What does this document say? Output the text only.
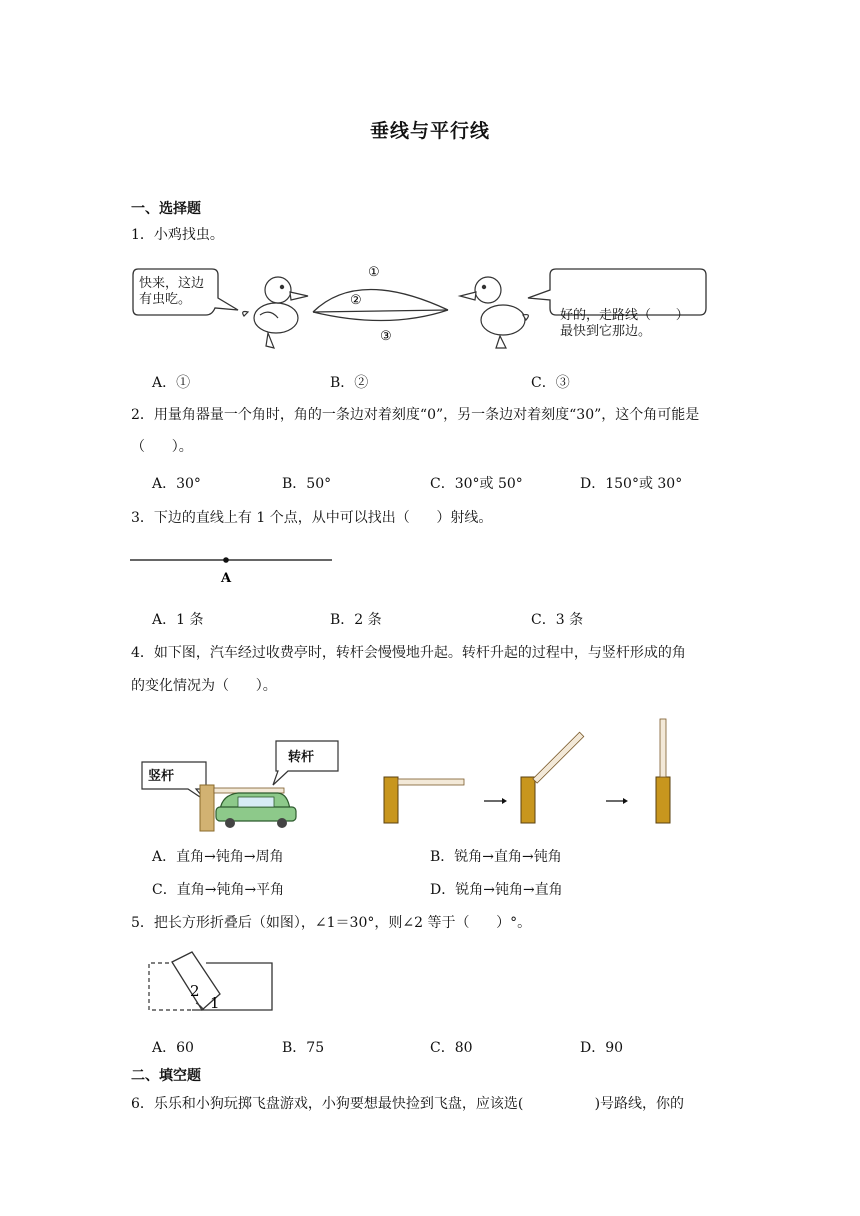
垂线与平行线
一、选择题
1．小鸡找虫。
①
②
③
快来，这边
有虫吃。

好的，走路线（      ）
最快到它那边。

A．①	B．②	C．③
2．用量角器量一个角时，角的一条边对着刻度“0”，另一条边对着刻度“30”，这个角可能是
（      ）。
A．30°	B．50°	C．30°或 50°	D．150°或 30°
3．下边的直线上有 1 个点，从中可以找出（      ）射线。
A
A．1 条	B．2 条	C．3 条
4．如下图，汽车经过收费亭时，转杆会慢慢地升起。转杆升起的过程中，与竖杆形成的角
的变化情况为（      ）。
竖杆
转杆
A．直角→钝角→周角	B．锐角→直角→钝角
C．直角→钝角→平角	D．锐角→钝角→直角
5．把长方形折叠后（如图），∠1＝30°，则∠2 等于（      ）°。
2
1
A．60	B．75	C．80	D．90
二、填空题
6．乐乐和小狗玩掷飞盘游戏，小狗要想最快捡到飞盘，应该选(                )号路线，你的
